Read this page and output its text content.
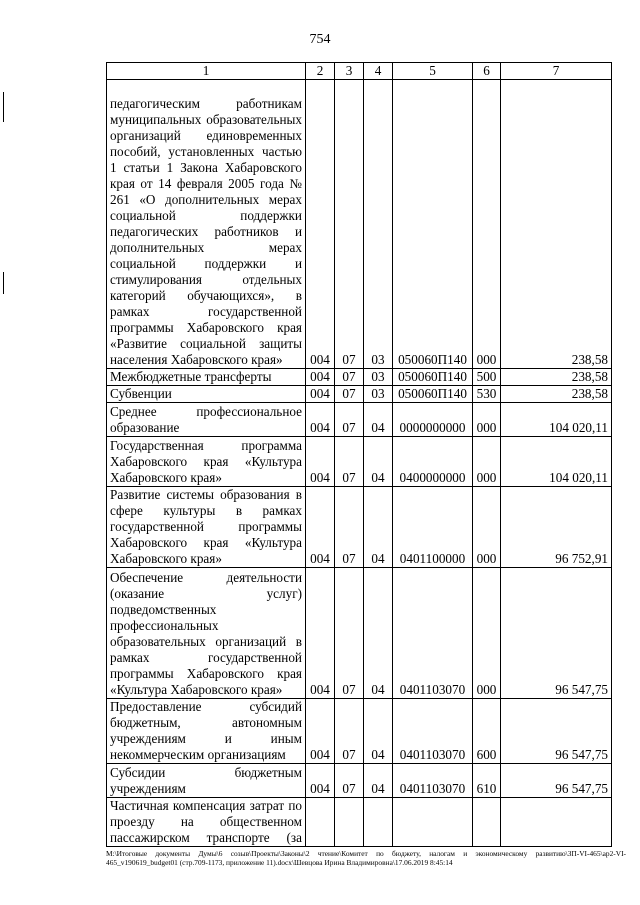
754
1	2	3	4	5	6	7
педагогическим работникам муниципальных образовательных организаций единовременных пособий, установленных частью 1 статьи 1 Закона Хабаровского края от 14 февраля 2005 года № 261 «О дополнительных мерах социальной поддержки педагогических работников и дополнительных мерах социальной поддержки и стимулирования отдельных категорий обучающихся», в рамках государственной программы Хабаровского края «Развитие социальной защиты населения Хабаровского края»	004	07	03	050060П140	000	238,58
Межбюджетные трансферты	004	07	03	050060П140	500	238,58
Субвенции	004	07	03	050060П140	530	238,58
Среднее профессиональное образование	004	07	04	0000000000	000	104 020,11
Государственная программа Хабаровского края «Культура Хабаровского края»	004	07	04	0400000000	000	104 020,11
Развитие системы образования в сфере культуры в рамках государственной программы Хабаровского края «Культура Хабаровского края»	004	07	04	0401100000	000	96 752,91
Обеспечение деятельности (оказание услуг) подведомственных профессиональных образовательных организаций в рамках государственной программы Хабаровского края «Культура Хабаровского края»	004	07	04	0401103070	000	96 547,75
Предоставление субсидий бюджетным, автономным учреждениям и иным некоммерческим организациям	004	07	04	0401103070	600	96 547,75
Субсидии бюджетным учреждениям	004	07	04	0401103070	610	96 547,75
Частичная компенсация затрат по проезду на общественном пассажирском транспорте (за						
M:\Итоговые документы Думы\6 созыв\Проекты\Законы\2 чтение\Комитет по бюджету, налогам и экономическому развитию\ЗП-VI-465\ар2-VI-465_v190619_budget01 (стр.709-1173, приложение 11).docx\Шевцова Ирина Владимировна\17.06.2019 8:45:14
